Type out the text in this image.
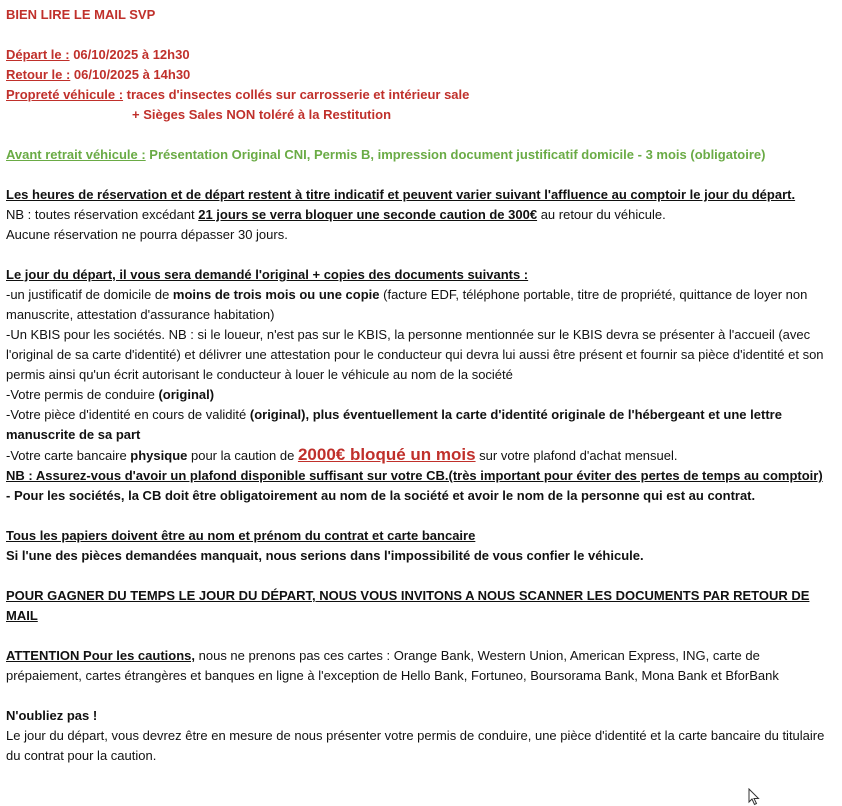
BIEN LIRE LE MAIL SVP
Départ le : 06/10/2025 à 12h30
Retour le : 06/10/2025 à 14h30
Propreté véhicule : traces d'insectes collés sur carrosserie et intérieur sale
+ Sièges Sales NON toléré à la Restitution
Avant retrait véhicule : Présentation Original CNI, Permis B, impression document justificatif domicile - 3 mois (obligatoire)
Les heures de réservation et de départ restent à titre indicatif et peuvent varier suivant l'affluence au comptoir le jour du départ.
NB : toutes réservation excédant 21 jours se verra bloquer une seconde caution de 300€ au retour du véhicule.
Aucune réservation ne pourra dépasser 30 jours.
Le jour du départ, il vous sera demandé l'original + copies des documents suivants :
-un justificatif de domicile de moins de trois mois ou une copie (facture EDF, téléphone portable, titre de propriété, quittance de loyer non manuscrite, attestation d'assurance habitation)
-Un KBIS pour les sociétés. NB : si le loueur, n'est pas sur le KBIS, la personne mentionnée sur le KBIS devra se présenter à l'accueil (avec l'original de sa carte d'identité) et délivrer une attestation pour le conducteur qui devra lui aussi être présent et fournir sa pièce d'identité et son permis ainsi qu'un écrit autorisant le conducteur à louer le véhicule au nom de la société
-Votre permis de conduire (original)
-Votre pièce d'identité en cours de validité (original), plus éventuellement la carte d'identité originale de l'hébergeant et une lettre manuscrite de sa part
-Votre carte bancaire physique pour la caution de 2000€ bloqué un mois sur votre plafond d'achat mensuel.
NB : Assurez-vous d'avoir un plafond disponible suffisant sur votre CB.(très important pour éviter des pertes de temps au comptoir)
- Pour les sociétés, la CB doit être obligatoirement au nom de la société et avoir le nom de la personne qui est au contrat.
Tous les papiers doivent être au nom et prénom du contrat et carte bancaire
Si l'une des pièces demandées manquait, nous serions dans l'impossibilité de vous confier le véhicule.
POUR GAGNER DU TEMPS LE JOUR DU DÉPART, NOUS VOUS INVITONS A NOUS SCANNER LES DOCUMENTS PAR RETOUR DE MAIL
ATTENTION Pour les cautions, nous ne prenons pas ces cartes : Orange Bank, Western Union, American Express, ING, carte de prépaiement, cartes étrangères et banques en ligne à l'exception de Hello Bank, Fortuneo, Boursorama Bank, Mona Bank et BforBank
N'oubliez pas !
Le jour du départ, vous devrez être en mesure de nous présenter votre permis de conduire, une pièce d'identité et la carte bancaire du titulaire du contrat pour la caution.
